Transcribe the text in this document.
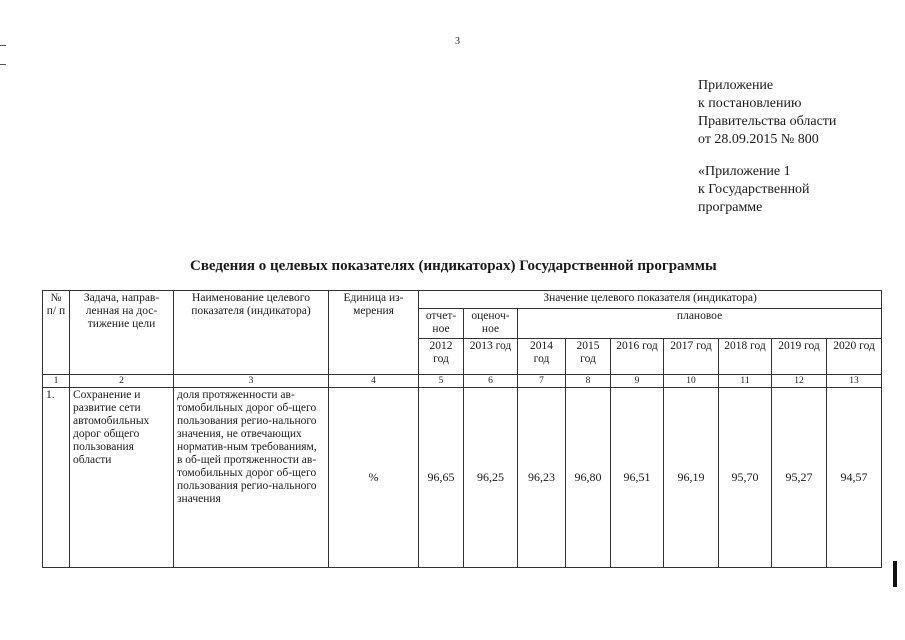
3
Приложение
к постановлению
Правительства области
от 28.09.2015 № 800
«Приложение 1
к Государственной
программе
Сведения о целевых показателях (индикаторах) Государственной программы
№ п/ п	Задача, направ-ленная на дос-тижение цели	Наименование целевого показателя (индикатора)	Единица из-мерения	Значение целевого показателя (индикатора)								
				отчет-ное	оценоч-ное	плановое						
				2012 год	2013 год	2014 год	2015 год	2016 год	2017 год	2018 год	2019 год	2020 год
1	2	3	4	5	6	7	8	9	10	11	12	13
1.	Сохранение и развитие сети автомобильных дорог общего пользования области	доля протяженности ав-томобильных дорог об-щего пользования регио-нального значения, не отвечающих норматив-ным требованиям, в об-щей протяженности ав-томобильных дорог об-щего пользования регио-нального значения	%	96,65	96,25	96,23	96,80	96,51	96,19	95,70	95,27	94,57
